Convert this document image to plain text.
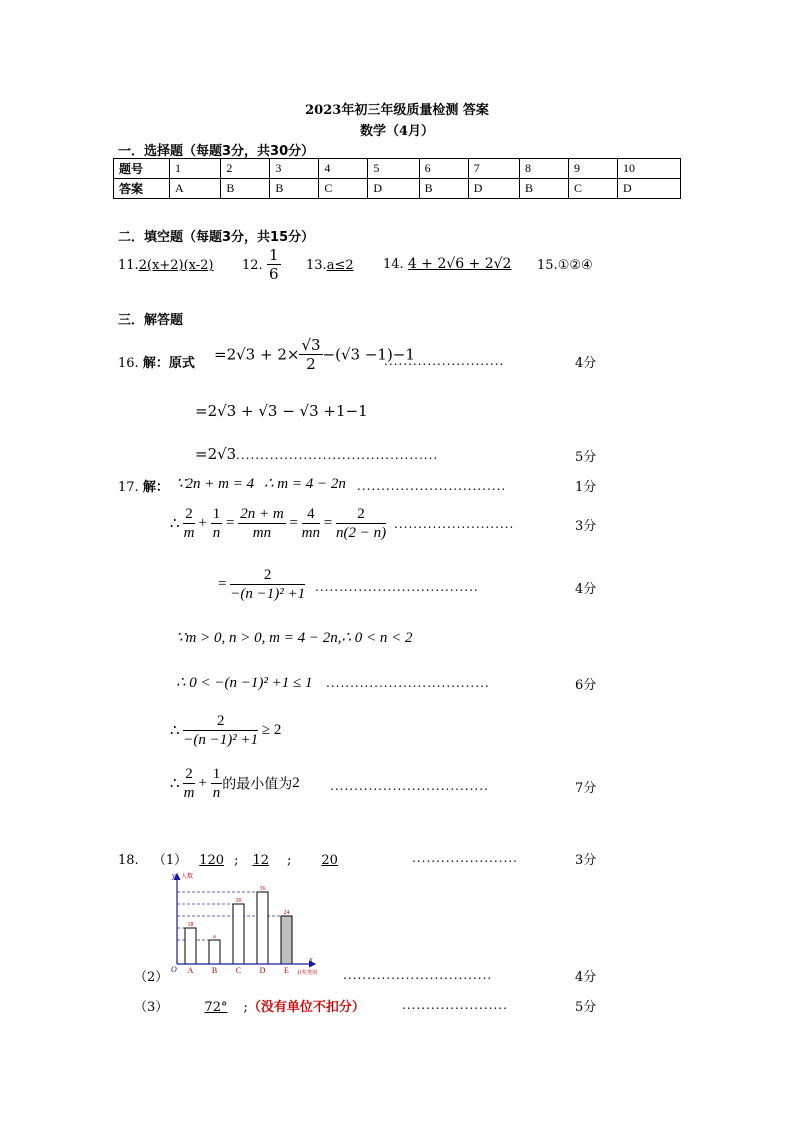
2023年初三年级质量检测 答案
数学（4月）
一．选择题（每题3分，共30分）
题号	1	2	3	4	5	6	7	8	9	10
答案	A	B	B	C	D	B	D	B	C	D
二．填空题（每题3分，共15分）
11.2(x+2)(x-2) 12. $\frac{1}{6} 13.a\le 2$ 14. 4 + 2√6 + 2√2	15.①②④
三．解答题
16. 解：原式 $=2√3 + 2\times \frac{√3}{2} -(√3 -1)-1$
.........................	4分
=2√3 + √3 − √3 +1−1
=2√3 ..........................................	5分
17. 解： ∵2n + m = 4 ∴ m = 4 − 2n ...............................	1分
∴ $\frac{2}{m} + \frac{1}{n} = \frac{2n + m}{mn} = \frac{4}{mn} = \frac{2}{n(2 - n)}$ .........................	3分
= $\frac{2}{\text{−(n −1)² +1}}$ ..................................	4分
∵m > 0, n > 0, m = 4 − 2n,∴ 0 < n < 2
∴ 0 < −(n −1)² +1 ≤ 1 ..................................	6分
∴ $\frac{2}{\text{−(n −1)² +1}} \ge 2$
∴ $\frac{2}{m} + \frac{1}{n}$ 的最小值为2	.................................	7分
18. （1） 120 ; 12 ; 20	......................	3分
18
A
a
B
30
C
36
D
24
E
O
y 人数
x
获奖类别
（2）	...............................	4分
（3）	72° ;（没有单位不扣分）	......................	5分
